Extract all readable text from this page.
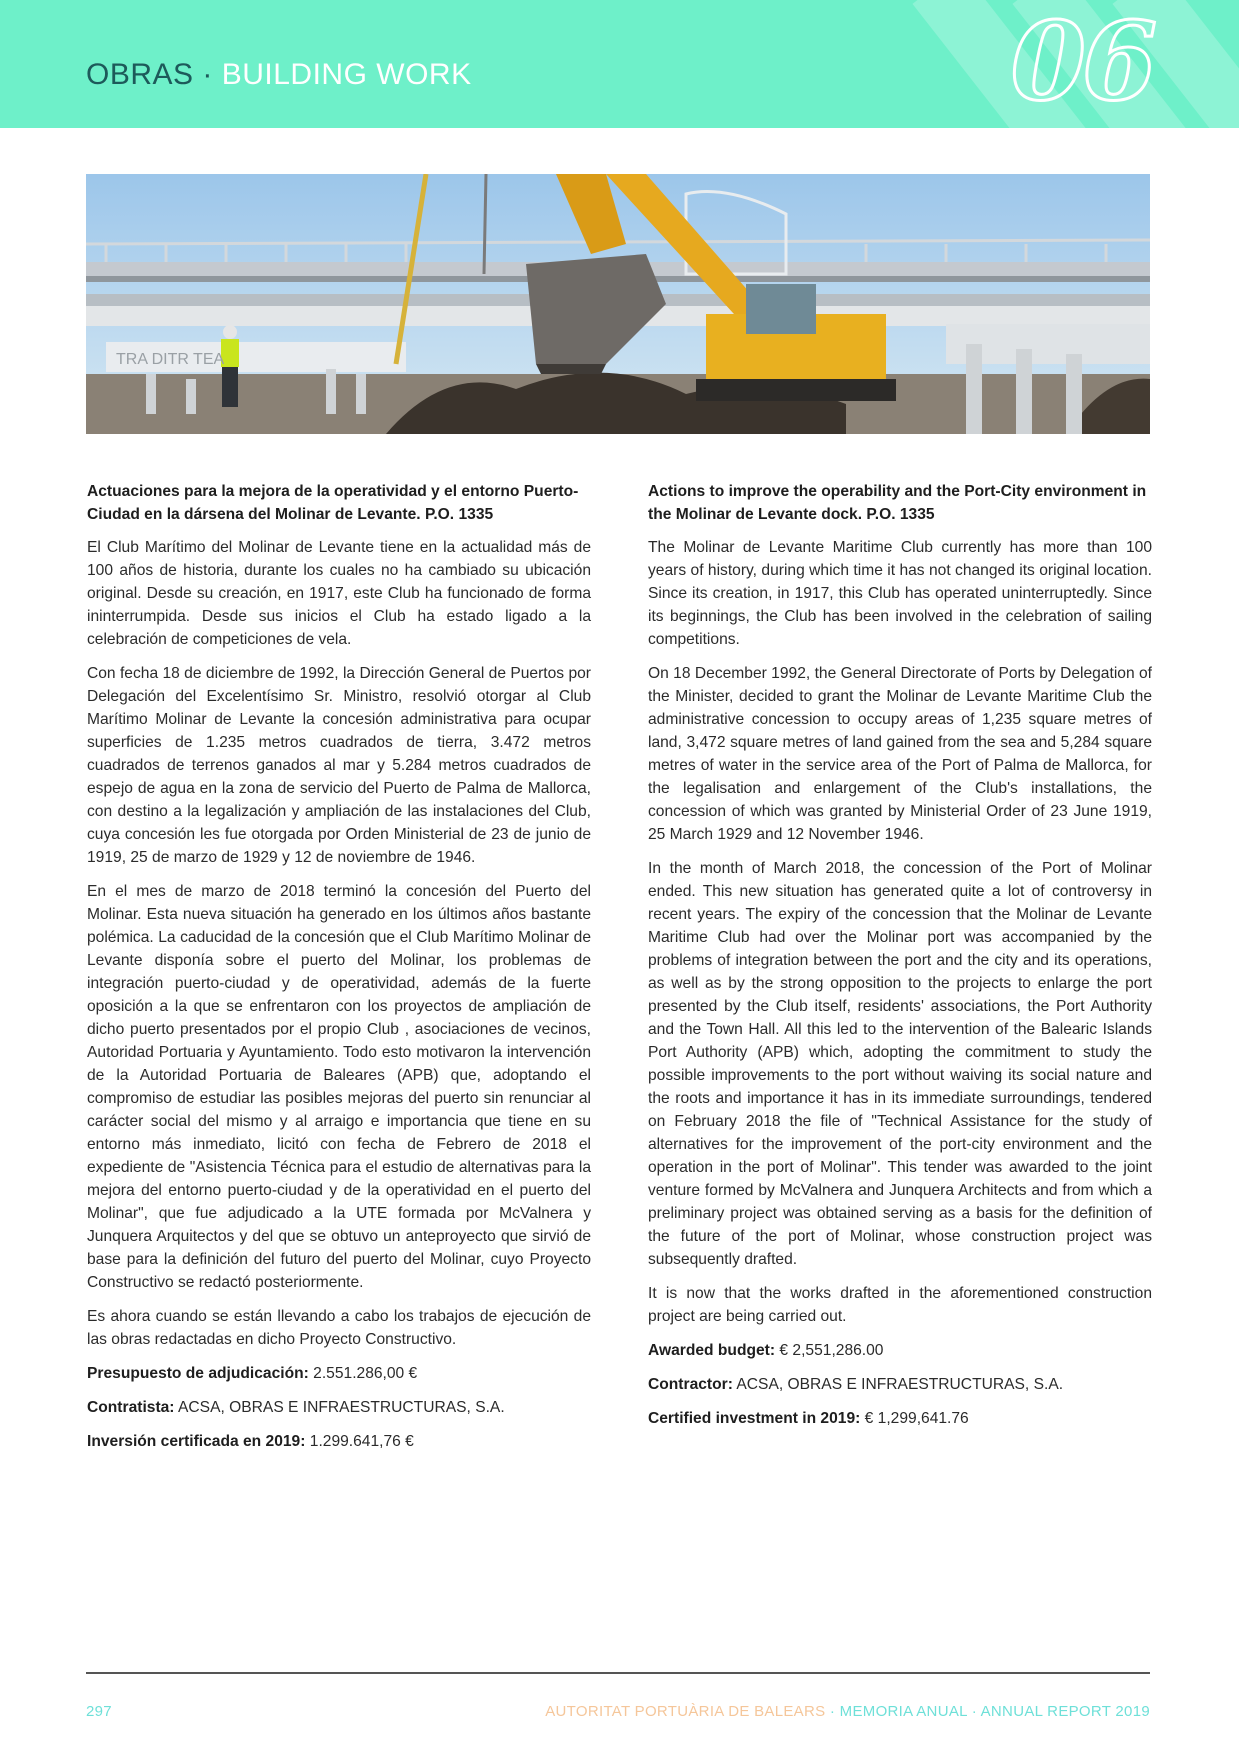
OBRAS · BUILDING WORK	06
TRA DITR TEA
Actuaciones para la mejora de la operatividad y el entorno Puerto-Ciudad en la dársena del Molinar de Levante. P.O. 1335

El Club Marítimo del Molinar de Levante tiene en la actualidad más de 100 años de historia, durante los cuales no ha cambiado su ubicación original. Desde su creación, en 1917, este Club ha funcionado de forma ininterrumpida. Desde sus inicios el Club ha estado ligado a la celebración de competiciones de vela.

Con fecha 18 de diciembre de 1992, la Dirección General de Puertos por Delegación del Excelentísimo Sr. Ministro, resolvió otorgar al Club Marítimo Molinar de Levante la concesión administrativa para ocupar superficies de 1.235 metros cuadrados de tierra, 3.472 metros cuadrados de terrenos ganados al mar y 5.284 metros cuadrados de espejo de agua en la zona de servicio del Puerto de Palma de Mallorca, con destino a la legalización y ampliación de las instalaciones del Club, cuya concesión les fue otorgada por Orden Ministerial de 23 de junio de 1919, 25 de marzo de 1929 y 12 de noviembre de 1946.

En el mes de marzo de 2018 terminó la concesión del Puerto del Molinar. Esta nueva situación ha generado en los últimos años bastante polémica. La caducidad de la concesión que el Club Marítimo Molinar de Levante disponía sobre el puerto del Molinar, los problemas de integración puerto-ciudad y de operatividad, además de la fuerte oposición a la que se enfrentaron con los proyectos de ampliación de dicho puerto presentados por el propio Club , asociaciones de vecinos, Autoridad Portuaria y Ayuntamiento. Todo esto motivaron la intervención de la Autoridad Portuaria de Baleares (APB) que, adoptando el compromiso de estudiar las posibles mejoras del puerto sin renunciar al carácter social del mismo y al arraigo e importancia que tiene en su entorno más inmediato, licitó con fecha de Febrero de 2018 el expediente de "Asistencia Técnica para el estudio de alternativas para la mejora del entorno puerto-ciudad y de la operatividad en el puerto del Molinar", que fue adjudicado a la UTE formada por McValnera y Junquera Arquitectos y del que se obtuvo un anteproyecto que sirvió de base para la definición del futuro del puerto del Molinar, cuyo Proyecto Constructivo se redactó posteriormente.

Es ahora cuando se están llevando a cabo los trabajos de ejecución de las obras redactadas en dicho Proyecto Constructivo.

Presupuesto de adjudicación: 2.551.286,00 €
Contratista: ACSA, OBRAS E INFRAESTRUCTURAS, S.A.
Inversión certificada en 2019: 1.299.641,76 €
Actions to improve the operability and the Port-City environment in the Molinar de Levante dock. P.O. 1335

The Molinar de Levante Maritime Club currently has more than 100 years of history, during which time it has not changed its original location. Since its creation, in 1917, this Club has operated uninterruptedly. Since its beginnings, the Club has been involved in the celebration of sailing competitions.

On 18 December 1992, the General Directorate of Ports by Delegation of the Minister, decided to grant the Molinar de Levante Maritime Club the administrative concession to occupy areas of 1,235 square metres of land, 3,472 square metres of land gained from the sea and 5,284 square metres of water in the service area of the Port of Palma de Mallorca, for the legalisation and enlargement of the Club's installations, the concession of which was granted by Ministerial Order of 23 June 1919, 25 March 1929 and 12 November 1946.

In the month of March 2018, the concession of the Port of Molinar ended. This new situation has generated quite a lot of controversy in recent years. The expiry of the concession that the Molinar de Levante Maritime Club had over the Molinar port was accompanied by the problems of integration between the port and the city and its operations, as well as by the strong opposition to the projects to enlarge the port presented by the Club itself, residents' associations, the Port Authority and the Town Hall. All this led to the intervention of the Balearic Islands Port Authority (APB) which, adopting the commitment to study the possible improvements to the port without waiving its social nature and the roots and importance it has in its immediate surroundings, tendered on February 2018 the file of "Technical Assistance for the study of alternatives for the improvement of the port-city environment and the operation in the port of Molinar". This tender was awarded to the joint venture formed by McValnera and Junquera Architects and from which a preliminary project was obtained serving as a basis for the definition of the future of the port of Molinar, whose construction project was subsequently drafted.

It is now that the works drafted in the aforementioned construction project are being carried out.

Awarded budget: € 2,551,286.00
Contractor: ACSA, OBRAS E INFRAESTRUCTURAS, S.A.
Certified investment in 2019: € 1,299,641.76
297	AUTORITAT PORTUÀRIA DE BALEARS · MEMORIA ANUAL · ANNUAL REPORT 2019
